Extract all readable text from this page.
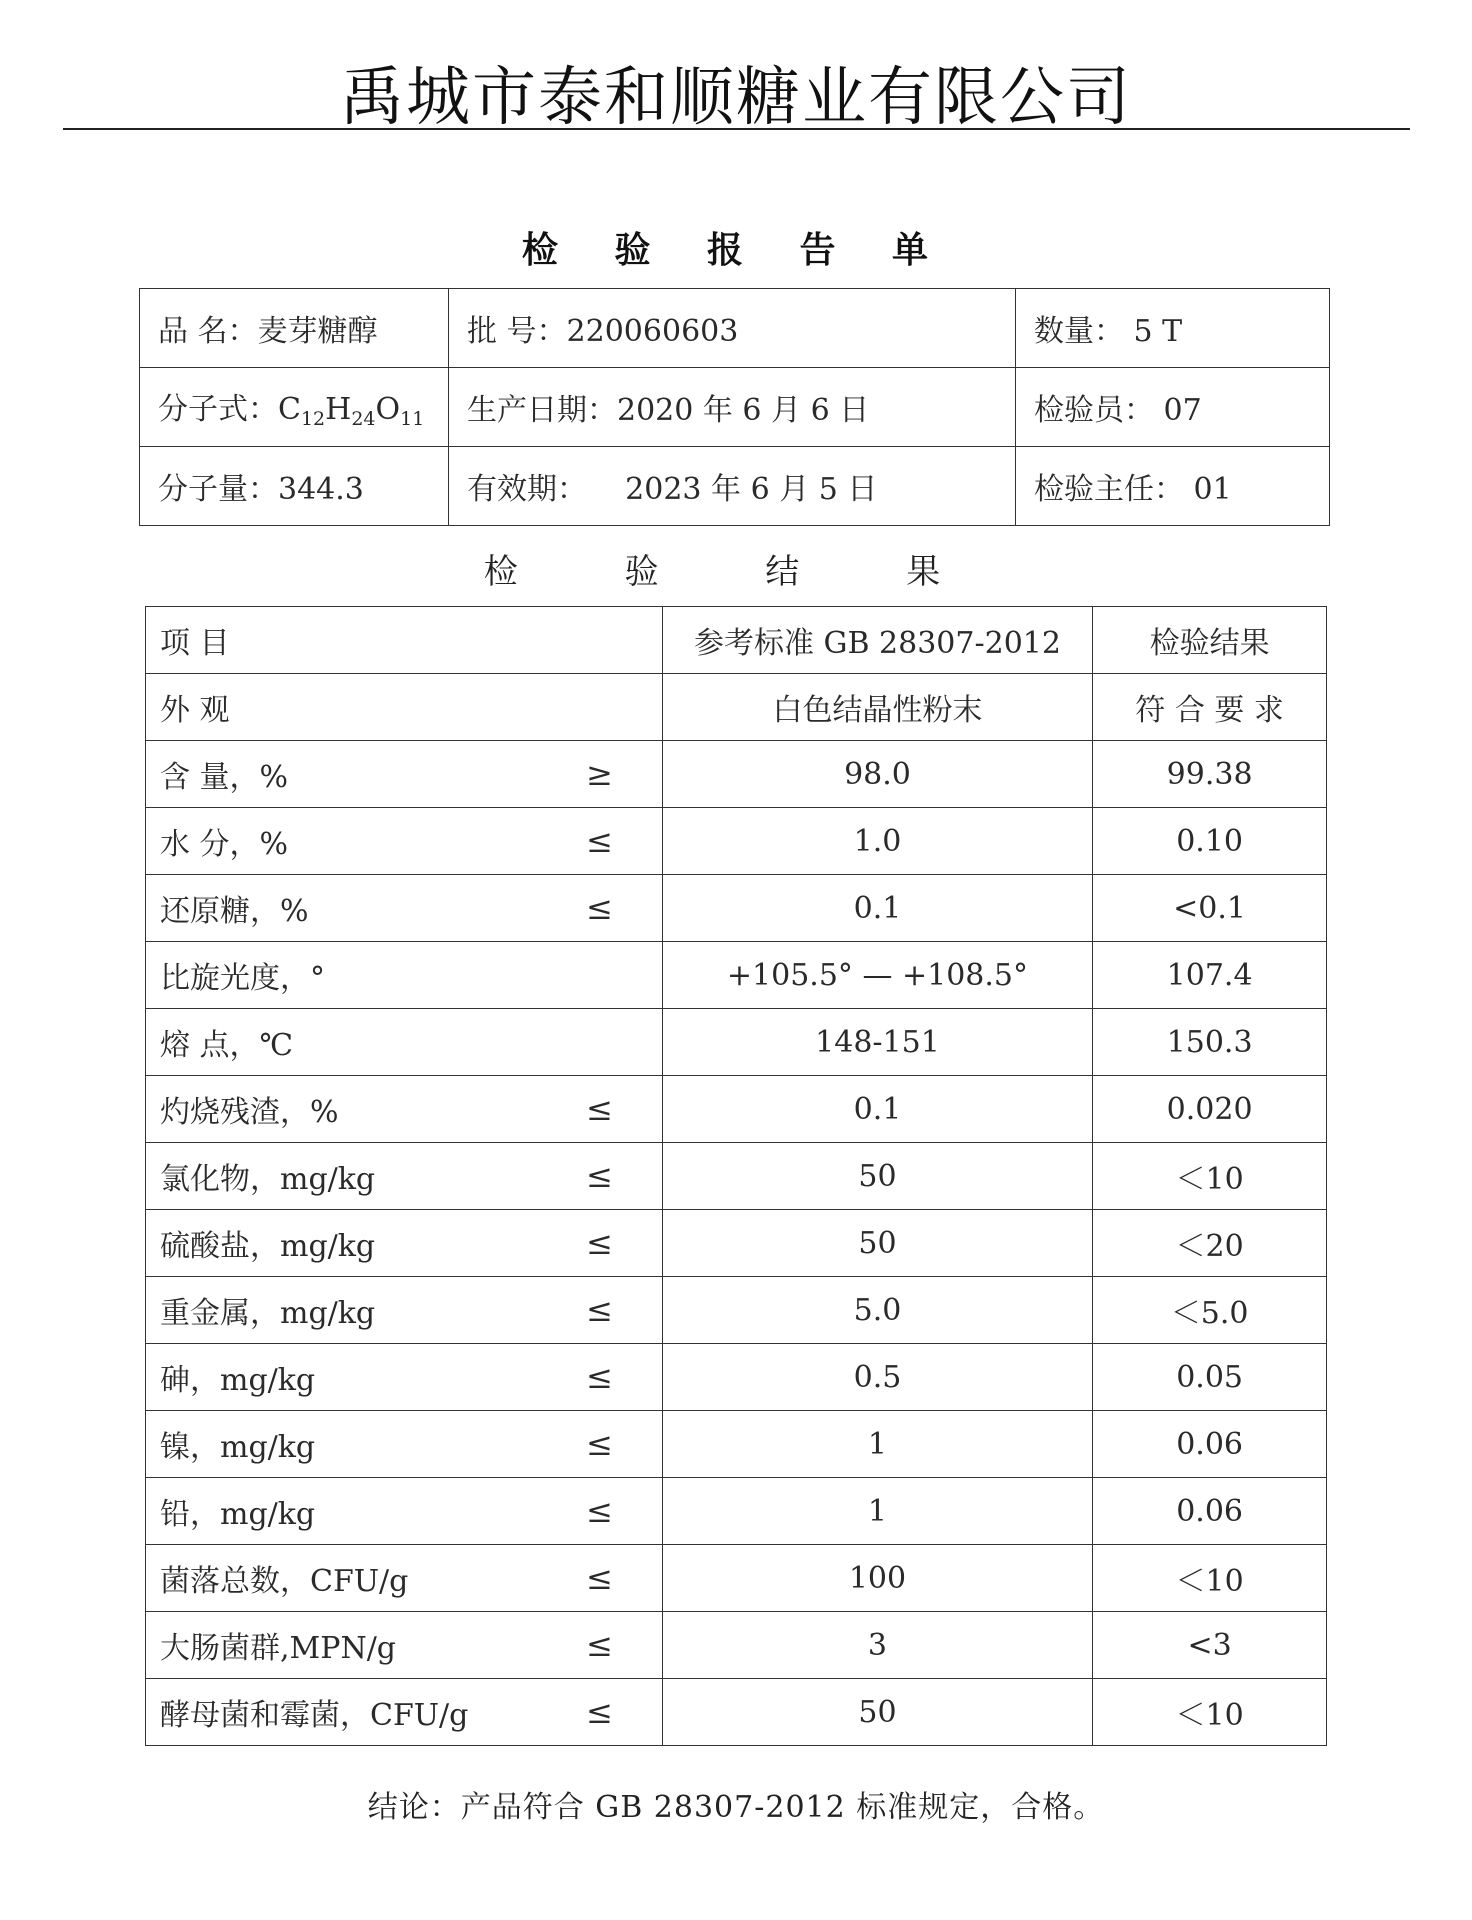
禹城市泰和顺糖业有限公司
检 验 报 告 单
品 名：麦芽糖醇	批 号：220060603	数量： 5 T
分子式：$C_{12}H_{24}O_{11}$	生产日期：2020 年 6 月 6 日	检验员： 07
分子量：344.3	有效期： 2023 年 6 月 5 日	检验主任： 01
检 验 结 果
项 目	参考标准 GB 28307-2012	检验结果
外 观	白色结晶性粉末	符 合 要 求
含 量，% ≥	98.0	99.38
水 分，% ≤	1.0	0.10
还原糖，% ≤	0.1	<0.1
比旋光度，°	+105.5° — +108.5°	107.4
熔 点，℃	148-151	150.3
灼烧残渣，% ≤	0.1	0.020
氯化物，mg/kg ≤	50	＜10
硫酸盐，mg/kg ≤	50	＜20
重金属，mg/kg ≤	5.0	＜5.0
砷，mg/kg ≤	0.5	0.05
镍，mg/kg ≤	1	0.06
铅，mg/kg ≤	1	0.06
菌落总数，CFU/g ≤	100	＜10
大肠菌群,MPN/g ≤	3	<3
酵母菌和霉菌，CFU/g ≤	50	＜10
结论：产品符合 GB 28307-2012 标准规定，合格。
